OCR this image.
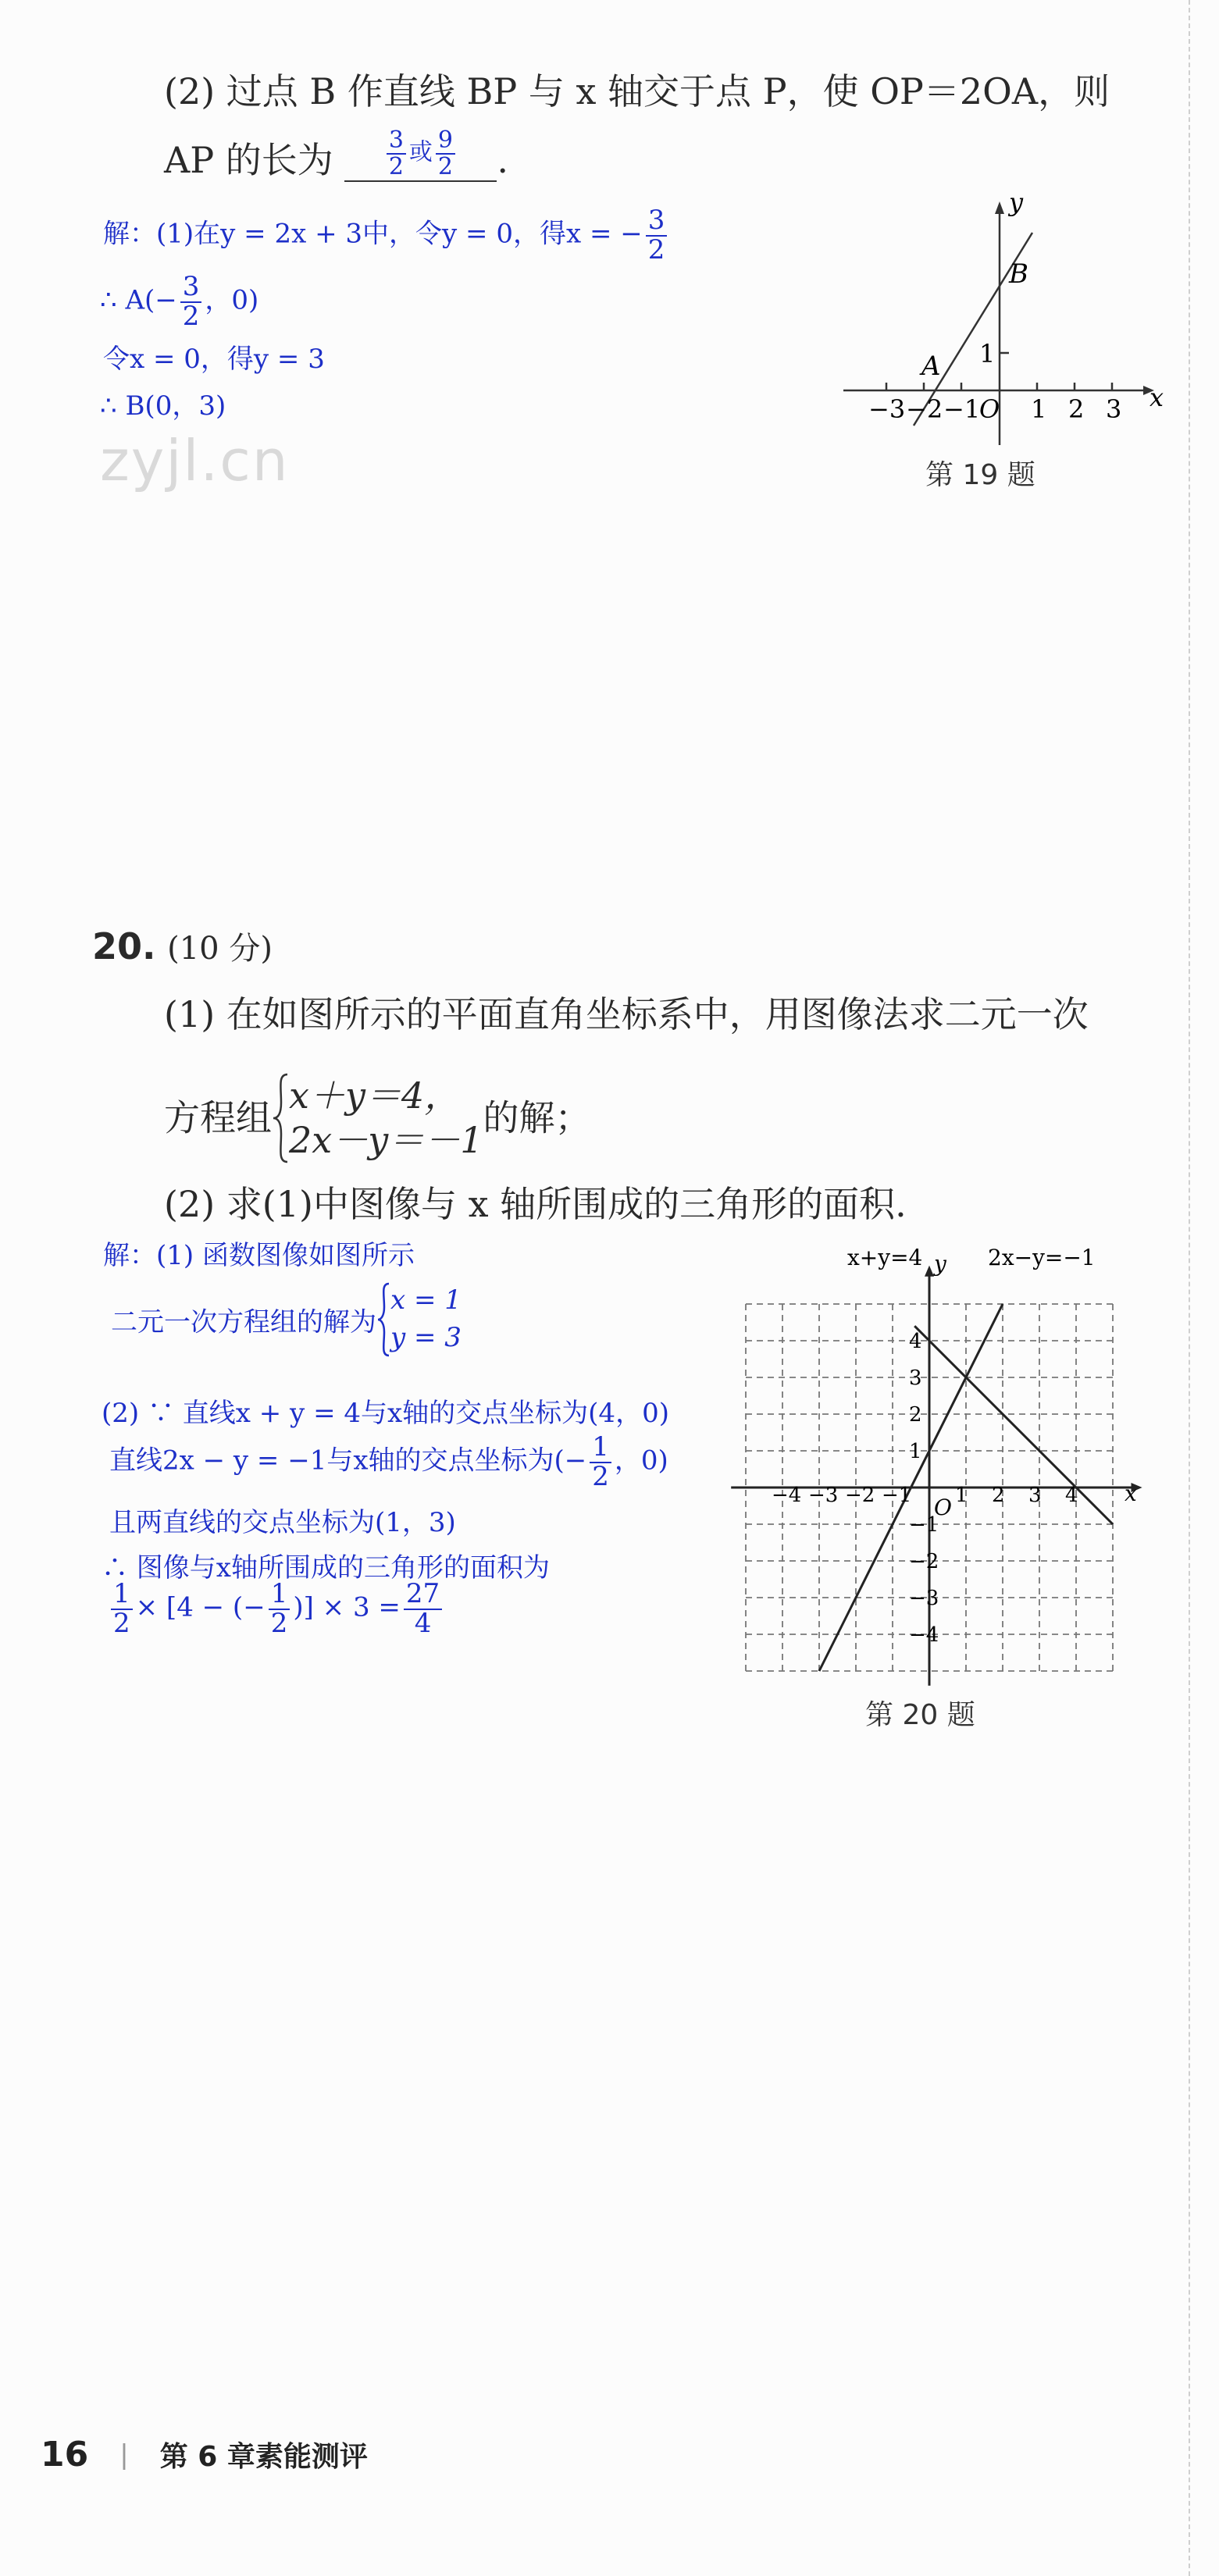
(2) 过点 B 作直线 BP 与 x 轴交于点 P，使 OP＝2OA，则
AP 的长为 $\frac{3}{2}$ 或 $\frac{9}{2}$ .
解：(1)在y = 2x + 3中，令y = 0，得x = − $\frac{3}{2}$
∴ $A(- \frac{3}{2}$ ，0)
令x = 0，得y = 3
∴ B(0，3)
zyjl.cn
y
x
B
A 1
O
−3 −2 −1 1 2 3
第 19 题
20. (10 分)
(1) 在如图所示的平面直角坐标系中，用图像法求二元一次
方程组
x＋y＝4，
2x－y＝－1
的解；
(2) 求(1)中图像与 x 轴所围成的三角形的面积.
解：(1) 函数图像如图所示
二元一次方程组的解为
x = 1
y = 3
(2) ∵ 直线x + y = 4与x轴的交点坐标为(4，0)
直线2x − y = −1与x轴的交点坐标为(− $\frac{1}{2}$ ，0)
且两直线的交点坐标为(1，3)
∴ 图像与x轴所围成的三角形的面积为
$\frac{1}{2} \times [4$ − (− $\frac{1}{2}$ )] × $3 = \frac{27}{4}$
−4 −3 −2 −1 1 2 3 4
4
3
2
1
−1
−2
−3
−4
x+y=4	2x−y=−1
y
x
O
第 20 题
16 | 第 6 章素能测评
